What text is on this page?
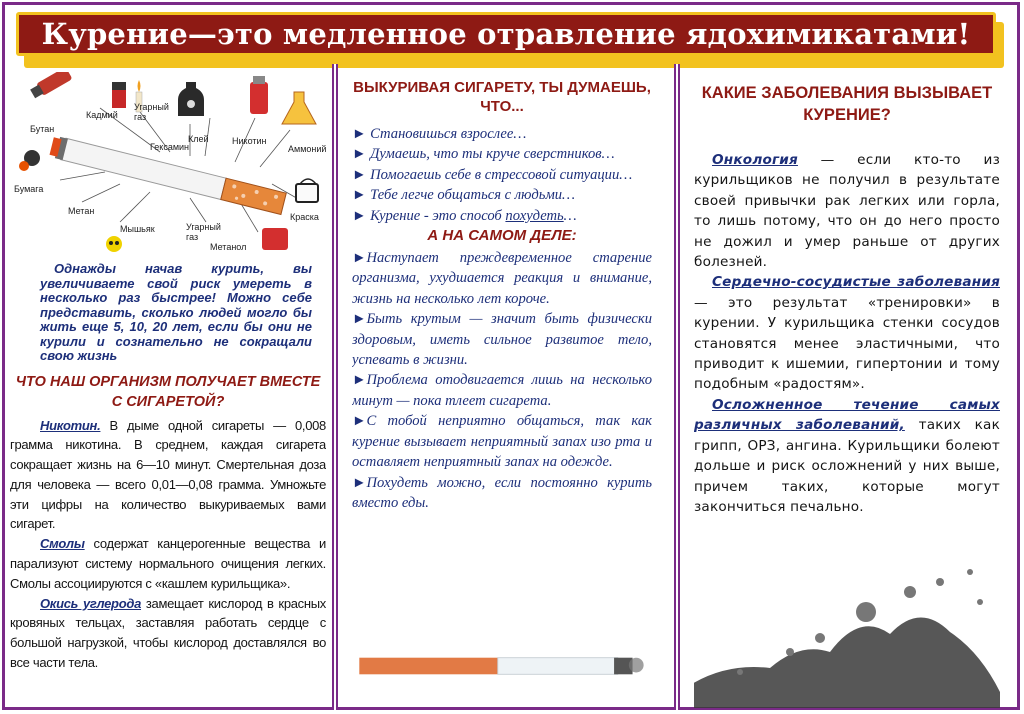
Курение—это медленное отравление ядохимикатами!
Бутан
Кадмий
Угарный газ
Клей	Никотин
Аммоний
Гексамин
Бумага
Метан
Мышьяк	Угарный газ
Краска
Метанол

Однажды начав курить, вы увеличиваете свой риск умереть в несколько раз быстрее! Можно себе представить, сколько людей могло бы жить еще 5, 10, 20 лет, если бы они не курили и сознательно не сокращали свою жизнь

ЧТО НАШ ОРГАНИЗМ ПОЛУЧАЕТ ВМЕСТЕ С СИГАРЕТОЙ?

Никотин. В дыме одной сигареты — 0,008 грамма никотина. В среднем, каждая сигарета сокращает жизнь на 6—10 минут. Смертельная доза для человека — всего 0,01—0,08 грамма. Умножьте эти цифры на количество выкуриваемых вами сигарет.

Смолы содержат канцерогенные вещества и парализуют систему нормального очищения легких. Смолы ассоциируются с «кашлем курильщика».

Окись углерода замещает кислород в красных кровяных тельцах, заставляя работать сердце с большой нагрузкой, чтобы кислород доставлялся во все части тела.

ВЫКУРИВАЯ СИГАРЕТУ, ТЫ ДУМАЕШЬ, ЧТО...

► Становишься взрослее…

► Думаешь, что ты круче сверстников…

► Помогаешь себе в стрессовой ситуации…

► Тебе легче общаться с людьми…

► Курение - это способ похудеть…

А НА САМОМ ДЕЛЕ:

►Наступает преждевременное старение организма, ухудшается реакция и внимание, жизнь на несколько лет короче.

►Быть крутым — значит быть физически здоровым, иметь сильное развитое тело, успевать в жизни.

►Проблема отодвигается лишь на несколько минут — пока тлеет сигарета.

►С тобой неприятно общаться, так как курение вызывает неприятный запах изо рта и оставляет неприятный запах на одежде.

►Похудеть можно, если постоянно курить вместо еды.

КАКИЕ ЗАБОЛЕВАНИЯ ВЫЗЫВАЕТ КУРЕНИЕ?

Онкология — если кто-то из курильщиков не получил в результате своей привычки рак легких или горла, то лишь потому, что он до него просто не дожил и умер раньше от других болезней.

Сердечно-сосудистые заболевания — это результат «тренировки» в курении. У курильщика стенки сосудов становятся менее эластичными, что приводит к ишемии, гипертонии и тому подобным «радостям».

Осложненное течение самых различных заболеваний, таких как грипп, ОРЗ, ангина. Курильщики болеют дольше и риск осложнений у них выше, причем таких, которые могут закончиться печально.
